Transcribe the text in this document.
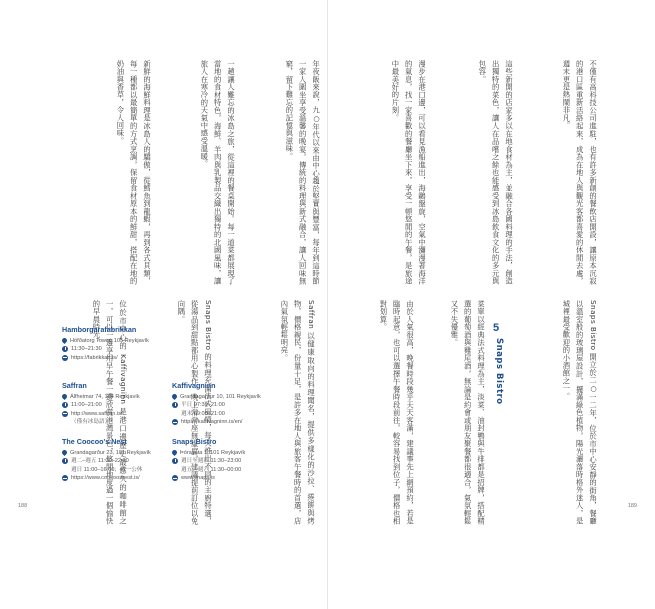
年夜飯來說，九○年代以來由中心趨於堅實與豐富，每年到這時節一家人圍坐享受溫馨的晚宴，傳統的料理與新式融合，讓人回味無窮，留下難忘的記憶與滋味。
一趟讓人難忘的冰島之旅，從這裡的餐桌開始。每一道菜都展現了當地的食材特色，海鮮、羊肉與乳製品交織出獨特的北國風味，讓旅人在寒冷的天氣中感受溫暖。
新鮮的海鮮料理是冰島人的驕傲，從鱈魚到龍蝦，再到各式貝類，每一種都以最簡單的方式烹調，保留食材原本的鮮甜，搭配在地的奶油與香草，令人回味。
Saffran 以健康取向的料理聞名，提供多樣化的沙拉、捲餅與烤物，價格親民，份量十足，是許多在地人與旅客午餐時的首選，店內氣氛輕鬆明亮。
Snaps Bistro 的料理充滿法式風情，每天推出不同的主廚特選，從湯品到甜點都用心製作，晚上常常座無虛席，建議提前訂位以免向隅。
位於市中心的 Kaffivagninn 是港口邊歷史最悠久的咖啡館之一，可以一邊享用早午餐一邊欣賞港灣景色，悠閒地度過一個愉快的早晨時光。
Hamborgarafabrikkan
Höfðatorg Tower, 105 Reykjavík
11:30–21:30
https://fabrikkan.is/
Saffran
Álfheimar 74, 104 Reykjavík
11:00–21:00
http://www.saffran.is/
（僅有冰島語）
Kaffivagninn
Grandagarður 10, 101 Reykjavík
平日 07:30–21:00
週末 09:00–21:00
https://kaffivagninn.is/en/
The Coocoo's Nest
Grandagarður 23, 101 Reykjavík
週二–週五 11:00–22:00
週日 11:00–16:00；週一公休
https://www.coocoosnest.is/
Snaps Bistro
Þórsgata 1, 101 Reykjavík
週日至週四 11:30–23:00
週五、週六 11:30–00:00
www.snaps.is
不僅有高科技公司進駐，也有許多新創的餐飲店開設，讓原本沉寂的港口區重新活絡起來，成為在地人與觀光客都喜愛的休閒去處，週末更是熱鬧非凡。
這些新開的店家多以在地食材為主，並融合各國料理的手法，創造出獨特的菜色，讓人在品嚐之餘也能感受到冰島飲食文化的多元與包容。
漫步在港口邊，可以看見漁船進出，海鷗盤旋，空氣中瀰漫著海洋的氣息，找一家喜歡的餐廳坐下來，享受一頓悠閒的午餐，是旅途中最美好的片刻。
Snaps Bistro 開立於二○一二年，位於市中心安靜的街角，餐廳以溫室般的玻璃屋設計，擺滿綠色植物，陽光灑落時格外迷人，是城裡最受歡迎的小酒館之一。
5
Snaps Bistro
菜單以經典法式料理為主，淡菜、油封鴨與牛排都是招牌，搭配精選的葡萄酒與雞尾酒，無論是約會或朋友聚餐都很適合，氣氛輕鬆又不失優雅。
由於人氣很高，晚餐時段幾乎天天客滿，建議事先上網預約，若是臨時起意，也可以選擇午餐時段前往，較容易找到位子，價格也相對划算。
188	189
